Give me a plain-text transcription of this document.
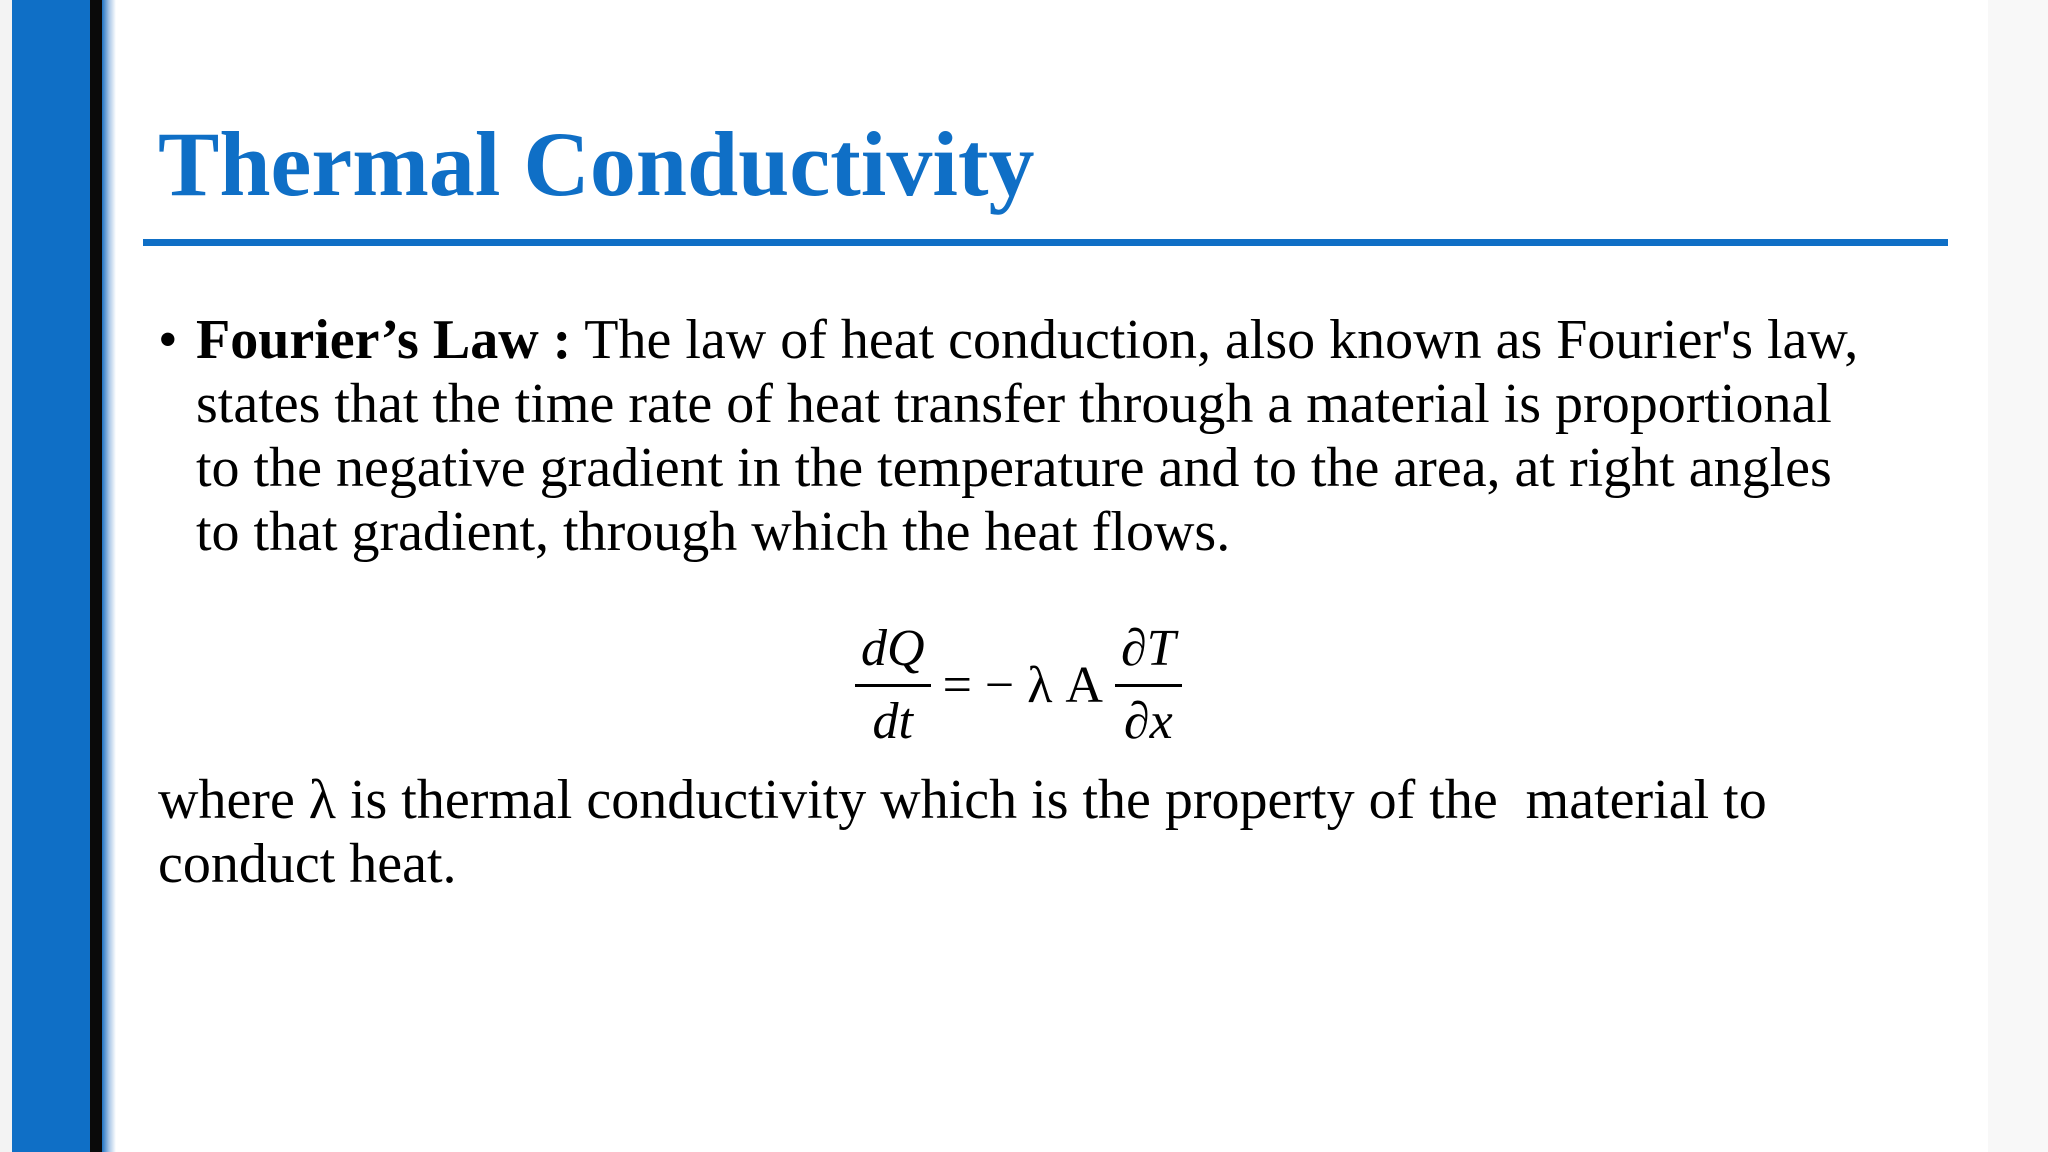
Thermal Conductivity
• Fourier’s Law : The law of heat conduction, also known as Fourier's law, states that the time rate of heat transfer through a material is proportional to the negative gradient in the temperature and to the area, at right angles to that gradient, through which the heat flows.

$\frac{dQ}{dt}$ = − λ A $\frac{\partial T}{\partial x}$

where λ is thermal conductivity which is the property of the  material to conduct heat.
